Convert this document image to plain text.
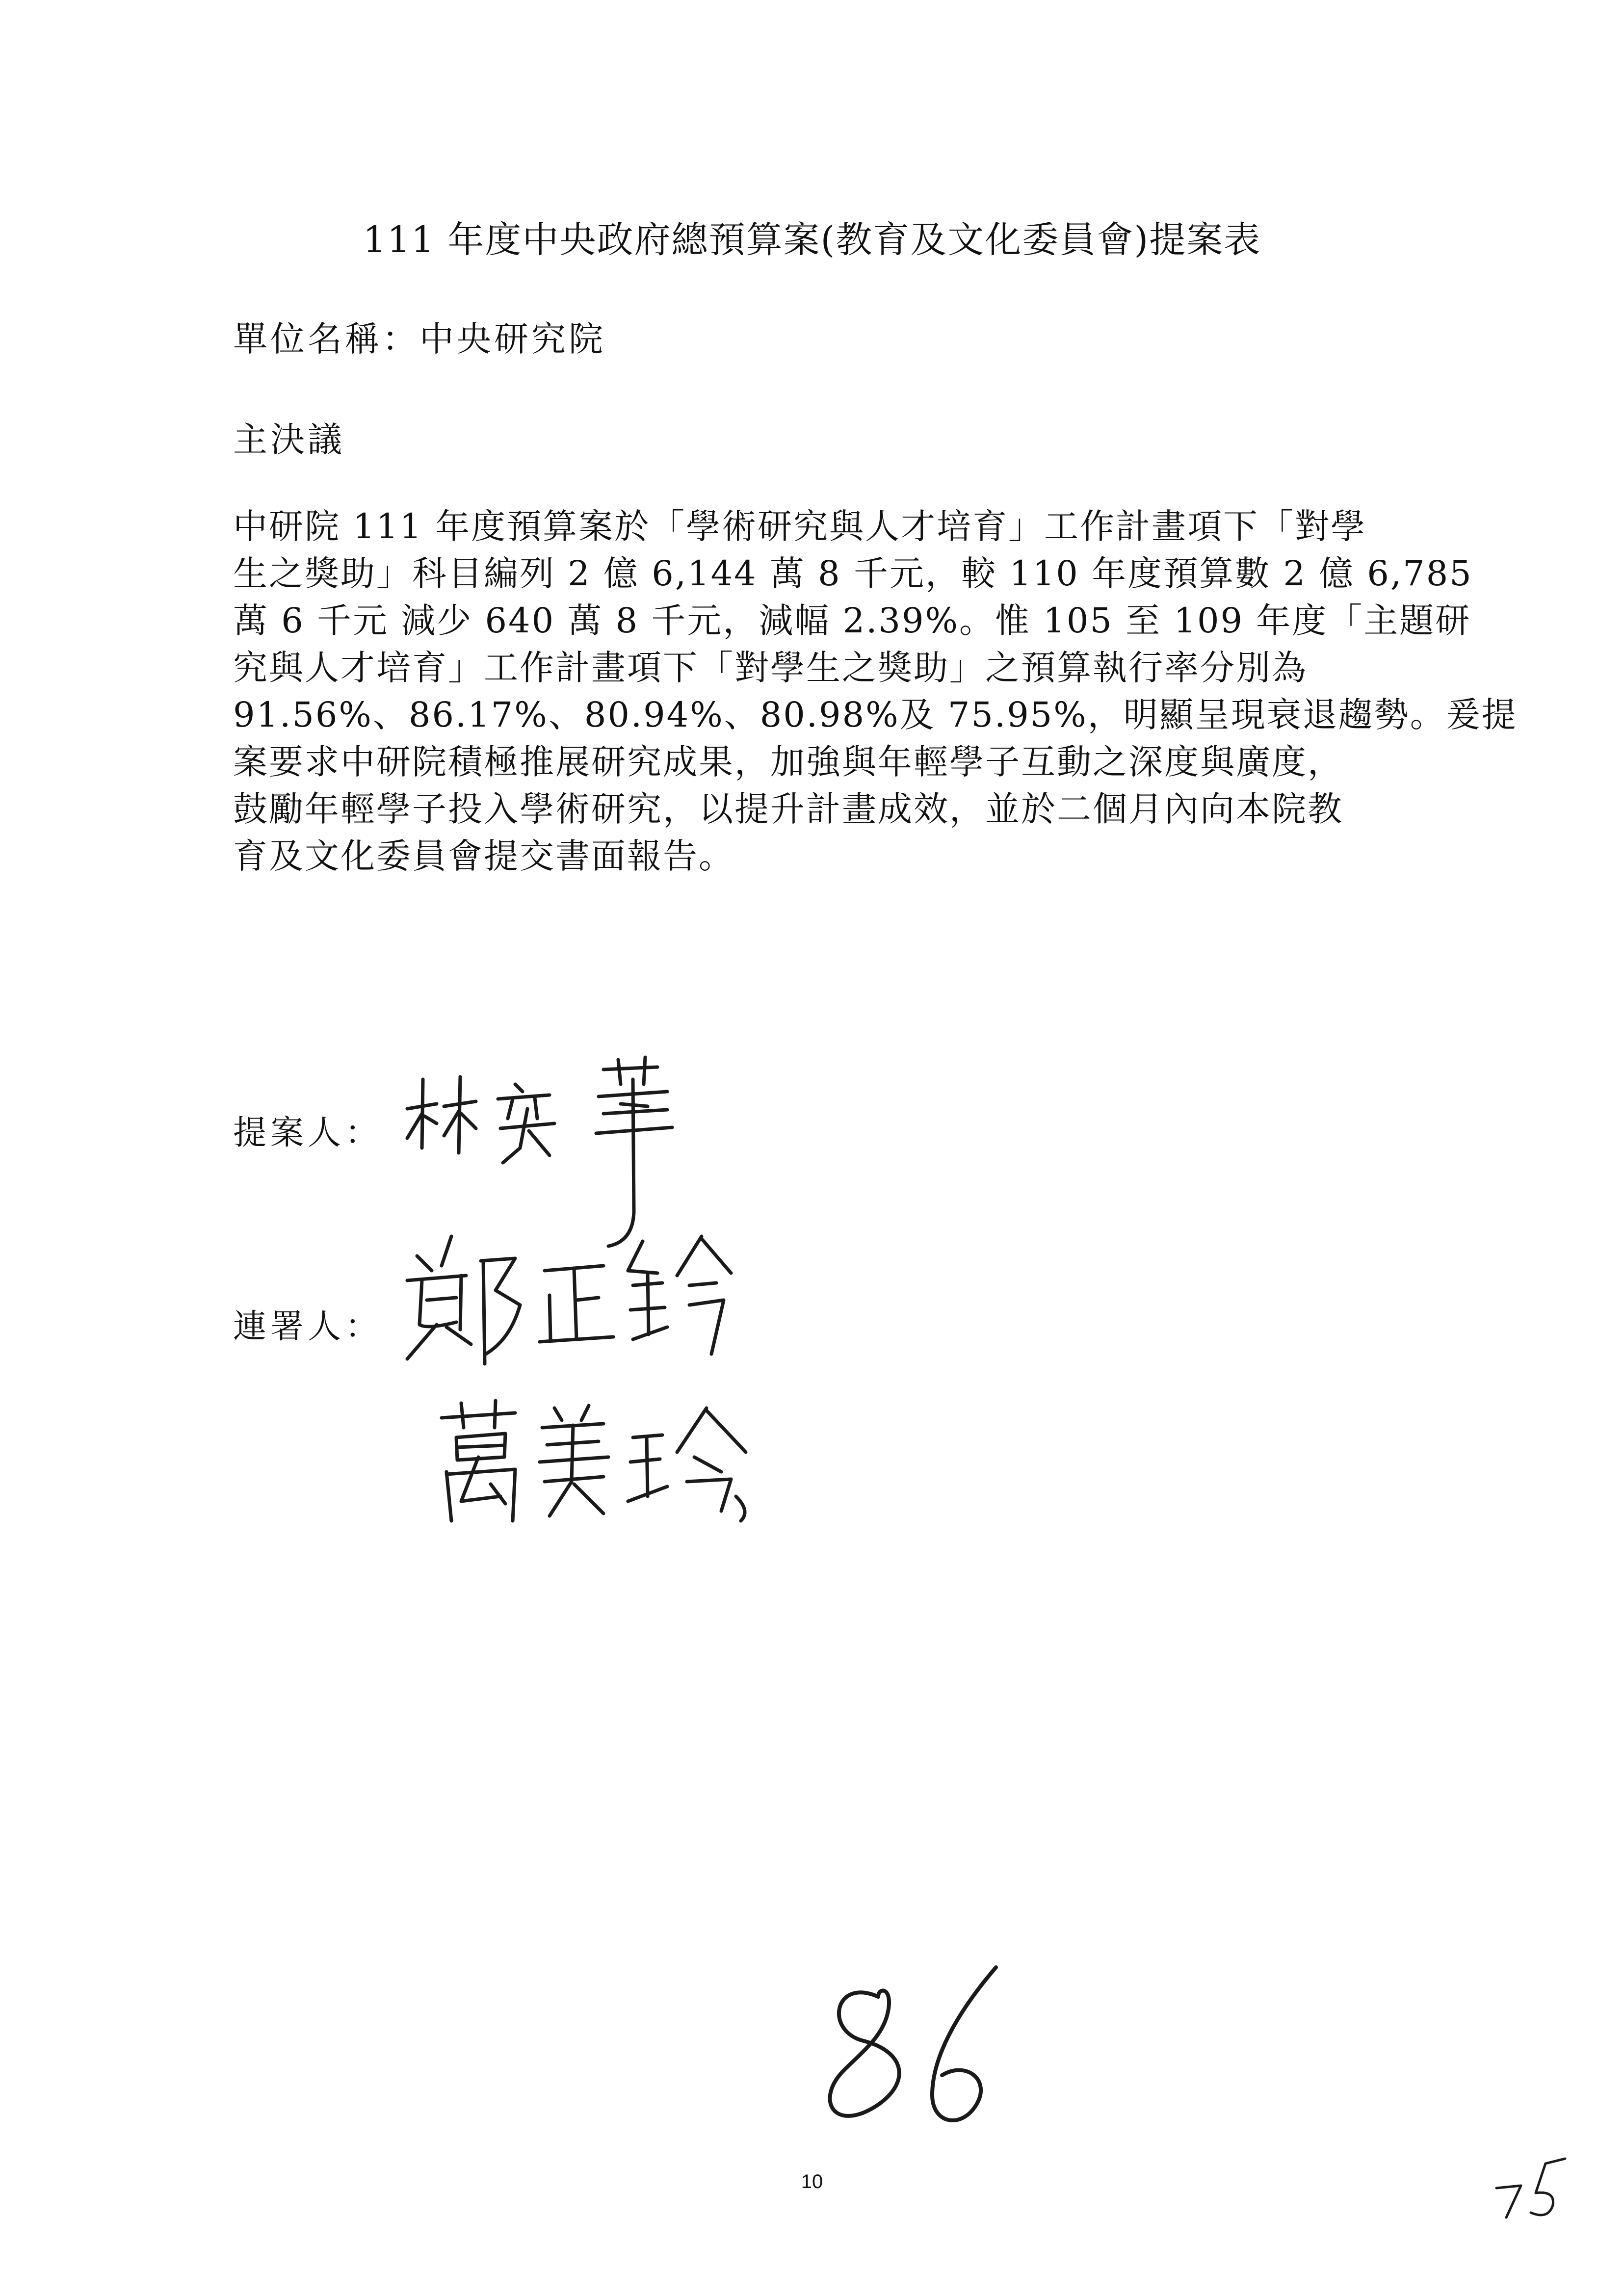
111 年度中央政府總預算案(教育及文化委員會)提案表
單位名稱：中央研究院
主決議
中研院 111 年度預算案於「學術研究與人才培育」工作計畫項下「對學
生之獎助」科目編列 2 億 6,144 萬 8 千元，較 110 年度預算數 2 億 6,785
萬 6 千元 減少 640 萬 8 千元，減幅 2.39%。惟 105 至 109 年度「主題研
究與人才培育」工作計畫項下「對學生之獎助」之預算執行率分別為
91.56%、86.17%、80.94%、80.98%及 75.95%，明顯呈現衰退趨勢。爰提
案要求中研院積極推展研究成果，加強與年輕學子互動之深度與廣度，
鼓勵年輕學子投入學術研究，以提升計畫成效，並於二個月內向本院教
育及文化委員會提交書面報告。
提案人：
連署人：
10
